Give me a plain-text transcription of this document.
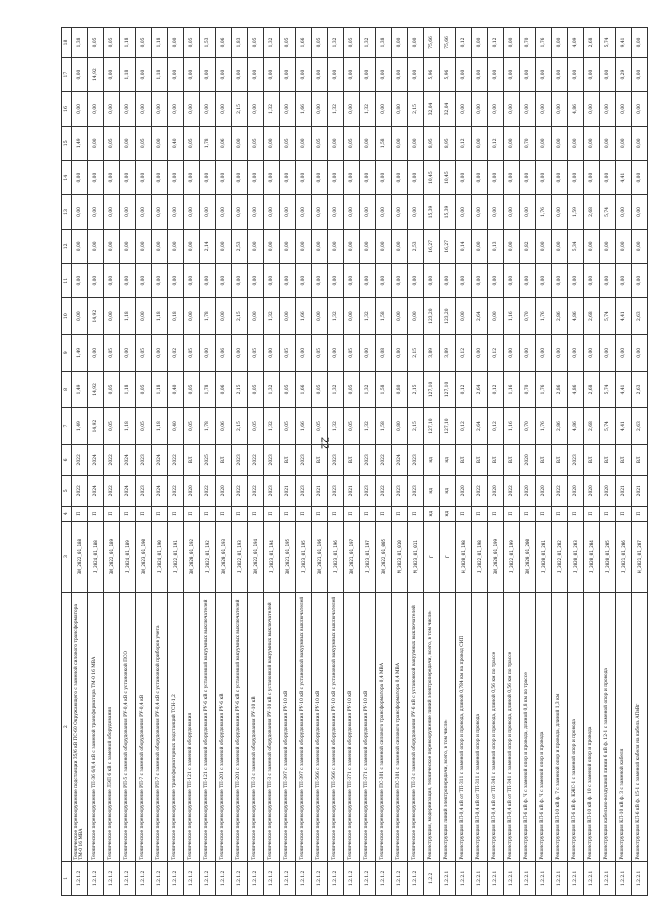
22
1	2	3	4	5	6	7	8	9	10	11	12	13	14	15	16	17	18
1.2.1.2	Техническое перевооружение подстанции 35/6 кВ ПС-60 Окружающего с заменой силового трансформатора ТМ-0 16 МВА	3И_2022_01_188	П	2022	2022	1,49	1,49	1,49	0,00	0,00	0,00	0,00	0,00	1,49	0,00	0,00	1,38
1.2.1.2	Техническое перевооружение ТП-36 6/0,4 кВ с заменой трансформатора ТМ-0 16 МВА	J_2024_01_188	П	2024	2024	14,92	14,92	0,00	14,92	0,00	0,00	0,00	0,00	0,00	0,00	14,92	0,05
1.2.1.2	Техническое перевооружение ЛЭП 6 кВ с заменой оборудования	3И_2022_01_189	П	2022	2022	0,05	0,05	0,05	0,00	0,00	0,00	0,00	0,00	0,05	0,00	0,00	0,05
1.2.1.2	Техническое перевооружение РП-5 с заменой оборудования РУ-0,4 кВ с установкой ПСО	J_2024_01_189	П	2024	2024	1,18	1,18	0,00	1,18	0,00	0,00	0,00	0,00	0,00	0,00	1,18	1,18
1.2.1.2	Техническое перевооружение РП-7 с заменой оборудования РУ-0,4 кВ	3И_2023_01_190	П	2023	2023	0,05	0,05	0,05	0,00	0,00	0,00	0,00	0,00	0,05	0,00	0,00	0,05
1.2.1.2	Техническое перевооружение РП-7 с заменой оборудования РУ-0,4 кВ с установкой приборов учета	J_2024_01_190	П	2024	2024	1,18	1,18	0,00	1,18	0,00	0,00	0,00	0,00	0,00	0,00	1,18	1,18
1.2.1.2	Техническое перевооружение трансформаторных подстанций ТСН-1,2	J_2022_01_191	П	2022	2022	0,40	0,40	0,02	0,18	0,00	0,00	0,00	0,00	0,40	0,00	0,00	0,00
1.2.1.2	Техническое перевооружение ТП-121 с заменой оборудования	3И_2020_01_192	П	2020	ВЛ	0,05	0,05	0,05	0,00	0,00	0,00	0,00	0,00	0,05	0,00	0,00	0,05
1.2.1.2	Техническое перевооружение ТП-121 с заменой оборудования РУ-6 кВ с установкой вакуумных выключателей	J_2022_01_192	П	2022	2025	1,78	1,78	0,00	1,78	0,00	2,14	0,00	0,00	1,78	0,00	0,00	1,53
1.2.1.2	Техническое перевооружение ТП-201 с заменой оборудования РУ-6 кВ	3И_2020_01_193	П	2020	ВЛ	0,06	0,06	0,06	0,00	0,00	0,00	0,00	0,00	0,06	0,00	0,00	0,06
1.2.1.2	Техническое перевооружение ТП-201 с заменой оборудования РУ-6 кВ с установкой вакуумных выключателей	J_2022_01_193	П	2022	2023	2,15	2,15	0,00	2,15	0,00	2,53	0,00	0,00	0,00	2,15	0,00	1,83
1.2.1.2	Техническое перевооружение ТП-3 с заменой оборудования РУ-10 кВ	3И_2022_01_194	П	2022	2022	0,05	0,05	0,05	0,00	0,00	0,00	0,00	0,00	0,05	0,00	0,00	0,05
1.2.1.2	Техническое перевооружение ТП-3 с заменой оборудования РУ-10 кВ с установкой вакуумных выключателей	J_2023_01_194	П	2023	2023	1,32	1,32	0,00	1,32	0,00	0,00	0,00	0,00	0,00	1,32	0,00	1,32
1.2.1.2	Техническое перевооружение ТП-397 с заменой оборудования РУ-10 кВ	3И_2021_01_195	П	2021	ВЛ	0,05	0,05	0,05	0,00	0,00	0,00	0,00	0,00	0,05	0,00	0,00	0,05
1.2.1.2	Техническое перевооружение ТП-397 с заменой оборудования РУ-10 кВ с установкой вакуумных выключателей	J_2023_01_195	П	2023	2023	1,66	1,66	0,00	1,66	0,00	0,00	0,00	0,00	0,00	1,66	0,00	1,66
1.2.1.2	Техническое перевооружение ТП-566 с заменой оборудования РУ-10 кВ	3И_2021_01_196	П	2021	ВЛ	0,05	0,05	0,05	0,00	0,00	0,00	0,00	0,00	0,05	0,00	0,00	0,05
1.2.1.2	Техническое перевооружение ТП-566 с заменой оборудования РУ-10 кВ с установкой вакуумных выключателей	J_2023_01_196	П	2023	2023	1,32	1,32	0,00	1,32	0,00	0,00	0,00	0,00	0,00	1,32	0,00	1,32
1.2.1.2	Техническое перевооружение ТП-371 с заменой оборудования РУ-10 кВ	3И_2021_01_197	П	2021	ВЛ	0,05	0,05	0,05	0,00	0,00	0,00	0,00	0,00	0,05	0,00	0,00	0,05
1.2.1.2	Техническое перевооружение ТП-371 с заменой оборудования РУ-10 кВ	J_2023_01_197	П	2023	2023	1,32	1,32	0,00	1,32	0,00	0,00	0,00	0,00	0,00	1,32	0,00	1,32
1.2.1.2	Техническое перевооружение ПС-301 с заменой силового трансформатора 0,4 МВА	3И_2022_01_005	П	2022	2022	1,58	1,58	0,08	1,58	0,00	0,00	0,00	0,00	1,58	0,00	0,00	1,38
1.2.1.2	Техническое перевооружение ПС-301 с заменой силового трансформатора 0,4 МВА	M_2023_01_010	П	2023	2024	0,80	0,80	0,80	0,00	0,00	0,00	0,00	0,00	0,00	0,80	0,00	0,00
1.2.1.2	Техническое перевооружение ТП-3 с заменой оборудования РУ-6 кВ с установкой вакуумных выключателей	M_2023_01_011	П	2023	2023	2,15	2,15	2,15	0,00	0,00	2,53	0,00	0,00	0,00	2,15	0,00	0,00
1.2.2	Реконструкция, модернизация, техническое перевооружение линий электропередачи, всего, в том числе:	Г	нд	нд	нд	127,10	127,10	3,89	123,20	0,00	16,27	15,39	10,45	8,95	32,04	5,96	75,66
1.2.2.1	Реконструкция линий электропередачи, всего, в том числе:	Г	нд	нд	нд	127,10	127,10	3,89	123,20	0,00	16,27	15,39	10,45	8,95	32,04	5,96	75,66
1.2.2.1	Реконструкция ВЛ-0,4 кВ от ТП-311 с заменой опор и провода, длиной 0,784 км на провод СИП	H_2020_01_198	П	2020	ВЛ	0,12	0,12	0,12	0,00	0,00	0,14	0,00	0,00	0,12	0,00	0,00	0,12
1.2.2.1	Реконструкция ВЛ-0,4 кВ от ТП-311 с заменой опор и провода	J_2022_01_198	П	2022	ВЛ	2,64	2,64	0,00	2,64	0,00	0,00	0,00	0,00	0,00	0,00	0,00	0,00
1.2.2.1	Реконструкция ВЛ-0,4 кВ от ТП-341 с заменой опор и провода, длиной 0,56 км по трассе	3И_2020_01_199	П	2020	ВЛ	0,12	0,12	0,12	0,00	0,00	0,13	0,00	0,00	0,12	0,00	0,00	0,12
1.2.2.1	Реконструкция ВЛ-0,4 кВ от ТП-341 с заменой опор и провода, длиной 0,56 км по трассе	J_2022_01_199	П	2022	ВЛ	1,16	1,16	0,00	1,16	0,00	0,00	0,00	0,00	0,00	0,00	0,00	0,00
1.2.2.1	Реконструкция ВЛ-6 кВ ф. Ч с заменой опор и провода, длиной 0,8 км по трассе	3И_2020_01_200	П	2020	2020	0,70	0,70	0,00	0,70	0,00	0,82	0,00	0,00	0,70	0,00	0,00	0,70
1.2.2.1	Реконструкция ВЛ-6 кВ ф. Ч с заменой опор и провода	J_2020_01_201	П	2020	ВЛ	1,76	1,76	0,00	1,76	0,00	0,00	1,76	0,00	0,00	0,00	0,00	1,76
1.2.2.1	Реконструкция ВЛ-10 кВ ф. 7 с заменой опор и провода, длиной 1,3 км	J_2022_01_202	П	2022	ВЛ	2,86	2,86	0,00	2,86	0,00	0,00	0,00	0,00	0,00	0,00	0,00	0,00
1.2.2.1	Реконструкция ВЛ-6 кВ ф. КЖС-1 с заменой опор и провода	J_2020_01_203	П	2020	2023	4,86	4,86	0,00	4,86	0,00	5,34	1,59	0,00	0,00	4,86	0,00	4,09
1.2.2.1	Реконструкция ВЛ-10 кВ ф. 10 с заменой опор и провода	J_2020_01_204	П	2020	ВЛ	2,68	2,68	0,00	2,68	0,00	0,00	2,68	0,00	0,00	0,00	0,00	2,68
1.2.2.1	Реконструкция кабельно-воздушной линии 6 кВ ф. 12-1 с заменой опор и провода	J_2020_01_205	П	2020	ВЛ	5,74	5,74	0,00	5,74	0,00	0,00	5,74	0,00	0,00	0,00	0,00	5,74
1.2.2.1	Реконструкция КЛ-10 кВ ф. 3 с заменой кабеля	J_2021_01_206	П	2021	ВЛ	4,41	4,41	0,00	4,41	0,00	0,00	0,00	4,41	0,00	0,00	0,29	9,41
1.2.2.1	Реконструкция КЛ-6 кВ ф. 15-1 с заменой кабеля на кабель АПвВг	H_2021_01_207	П	2021	ВЛ	2,63	2,63	0,00	2,63	0,00	0,00	0,00	0,00	0,00	0,00	0,00	0,00
